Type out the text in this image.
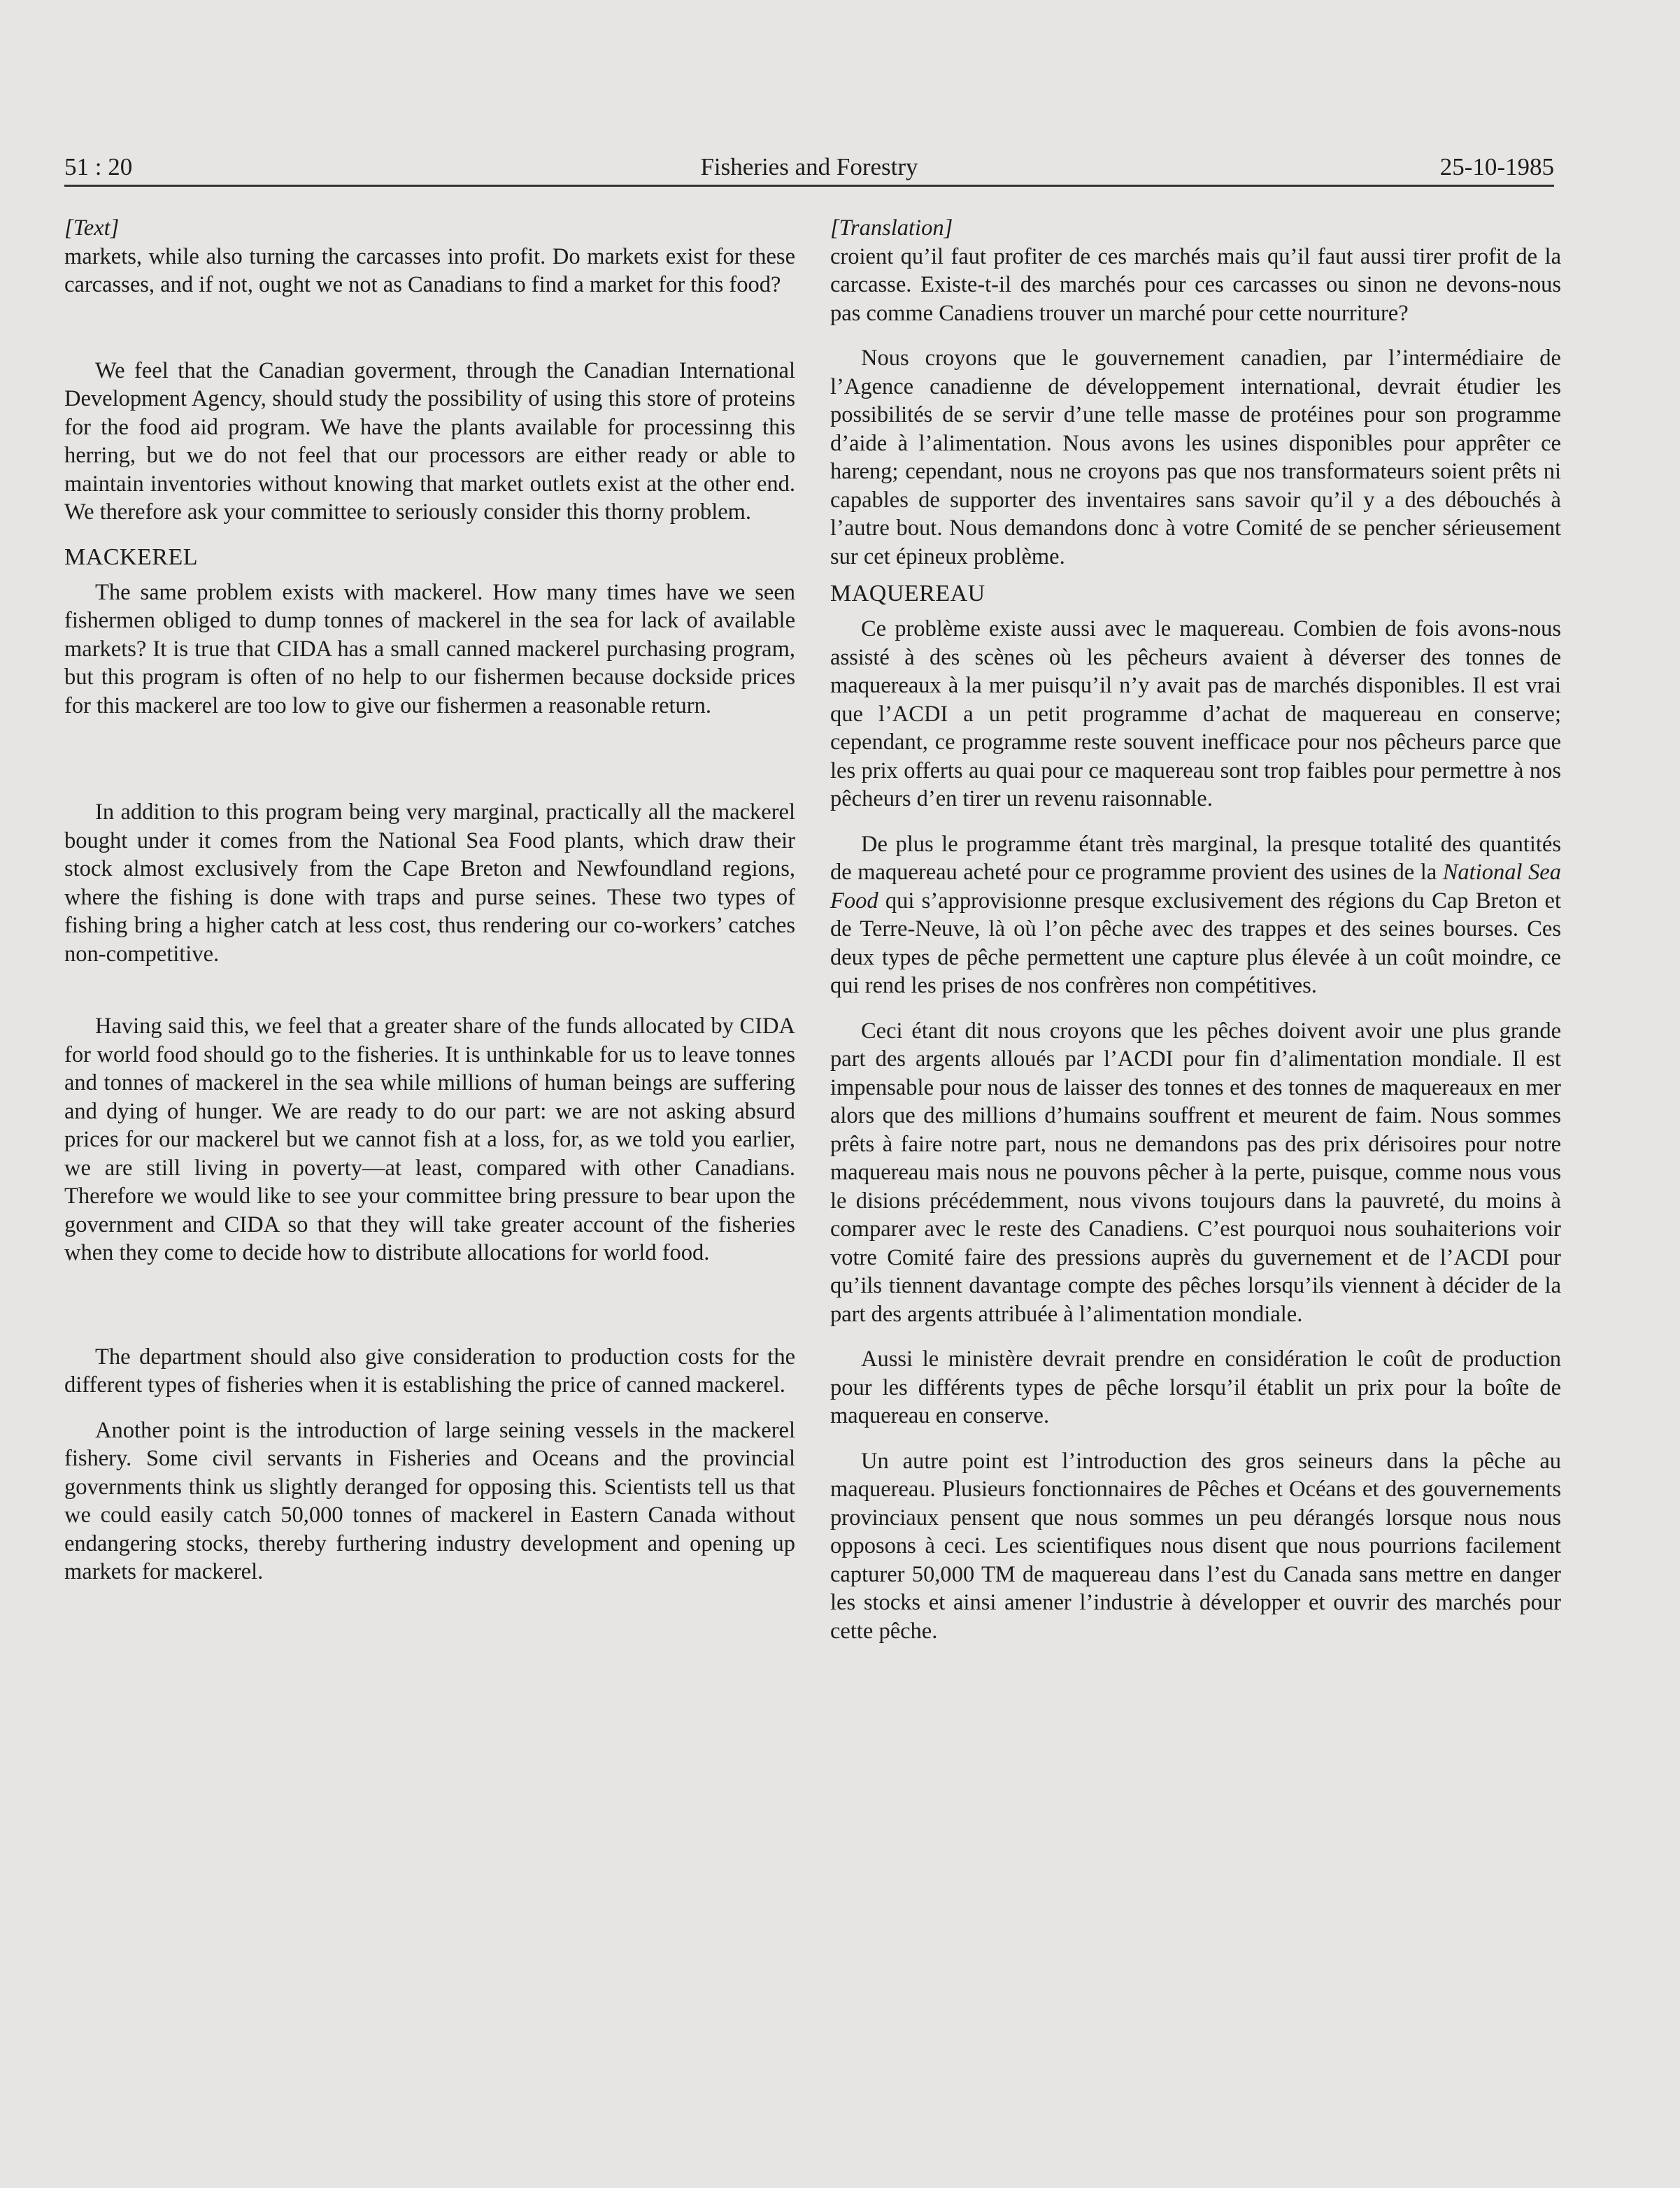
51 : 20	Fisheries and Forestry	25-10-1985
[Text]

markets, while also turning the carcasses into profit. Do markets exist for these carcasses, and if not, ought we not as Canadians to find a market for this food?

We feel that the Canadian goverment, through the Canadian International Development Agency, should study the possibility of using this store of proteins for the food aid program. We have the plants available for processinng this herring, but we do not feel that our processors are either ready or able to maintain inventories without knowing that market outlets exist at the other end. We therefore ask your committee to seriously consider this thorny problem.

MACKEREL

The same problem exists with mackerel. How many times have we seen fishermen obliged to dump tonnes of mackerel in the sea for lack of available markets? It is true that CIDA has a small canned mackerel purchasing program, but this program is often of no help to our fishermen because dockside prices for this mackerel are too low to give our fishermen a reasonable return.

In addition to this program being very marginal, practically all the mackerel bought under it comes from the National Sea Food plants, which draw their stock almost exclusively from the Cape Breton and Newfoundland regions, where the fishing is done with traps and purse seines. These two types of fishing bring a higher catch at less cost, thus rendering our co-workers’ catches non-competitive.

Having said this, we feel that a greater share of the funds allocated by CIDA for world food should go to the fisheries. It is unthinkable for us to leave tonnes and tonnes of mackerel in the sea while millions of human beings are suffering and dying of hunger. We are ready to do our part: we are not asking absurd prices for our mackerel but we cannot fish at a loss, for, as we told you earlier, we are still living in poverty—at least, compared with other Canadians. Therefore we would like to see your committee bring pressure to bear upon the government and CIDA so that they will take greater account of the fisheries when they come to decide how to distribute allocations for world food.

The department should also give consideration to production costs for the different types of fisheries when it is establishing the price of canned mackerel.

Another point is the introduction of large seining vessels in the mackerel fishery. Some civil servants in Fisheries and Oceans and the provincial governments think us slightly deranged for opposing this. Scientists tell us that we could easily catch 50,000 tonnes of mackerel in Eastern Canada without endangering stocks, thereby furthering industry development and opening up markets for mackerel.

[Translation]

croient qu’il faut profiter de ces marchés mais qu’il faut aussi tirer profit de la carcasse. Existe-t-il des marchés pour ces carcasses ou sinon ne devons-nous pas comme Canadiens trouver un marché pour cette nourriture?

Nous croyons que le gouvernement canadien, par l’intermédiaire de l’Agence canadienne de développement international, devrait étudier les possibilités de se servir d’une telle masse de protéines pour son programme d’aide à l’alimentation. Nous avons les usines disponibles pour apprêter ce hareng; cependant, nous ne croyons pas que nos transformateurs soient prêts ni capables de supporter des inventaires sans savoir qu’il y a des débouchés à l’autre bout. Nous demandons donc à votre Comité de se pencher sérieusement sur cet épineux problème.

MAQUEREAU

Ce problème existe aussi avec le maquereau. Combien de fois avons-nous assisté à des scènes où les pêcheurs avaient à déverser des tonnes de maquereaux à la mer puisqu’il n’y avait pas de marchés disponibles. Il est vrai que l’ACDI a un petit programme d’achat de maquereau en conserve; cependant, ce programme reste souvent inefficace pour nos pêcheurs parce que les prix offerts au quai pour ce maquereau sont trop faibles pour permettre à nos pêcheurs d’en tirer un revenu raisonnable.

De plus le programme étant très marginal, la presque totalité des quantités de maquereau acheté pour ce programme provient des usines de la National Sea Food qui s’approvisionne presque exclusivement des régions du Cap Breton et de Terre-Neuve, là où l’on pêche avec des trappes et des seines bourses. Ces deux types de pêche permettent une capture plus élevée à un coût moindre, ce qui rend les prises de nos confrères non compétitives.

Ceci étant dit nous croyons que les pêches doivent avoir une plus grande part des argents alloués par l’ACDI pour fin d’alimentation mondiale. Il est impensable pour nous de laisser des tonnes et des tonnes de maquereaux en mer alors que des millions d’humains souffrent et meurent de faim. Nous sommes prêts à faire notre part, nous ne demandons pas des prix dérisoires pour notre maquereau mais nous ne pouvons pêcher à la perte, puisque, comme nous vous le disions précédemment, nous vivons toujours dans la pauvreté, du moins à comparer avec le reste des Canadiens. C’est pourquoi nous souhaiterions voir votre Comité faire des pressions auprès du guvernement et de l’ACDI pour qu’ils tiennent davantage compte des pêches lorsqu’ils viennent à décider de la part des argents attribuée à l’alimentation mondiale.

Aussi le ministère devrait prendre en considération le coût de production pour les différents types de pêche lorsqu’il établit un prix pour la boîte de maquereau en conserve.

Un autre point est l’introduction des gros seineurs dans la pêche au maquereau. Plusieurs fonctionnaires de Pêches et Océans et des gouvernements provinciaux pensent que nous sommes un peu dérangés lorsque nous nous opposons à ceci. Les scientifiques nous disent que nous pourrions facilement capturer 50,000 TM de maquereau dans l’est du Canada sans mettre en danger les stocks et ainsi amener l’industrie à développer et ouvrir des marchés pour cette pêche.
